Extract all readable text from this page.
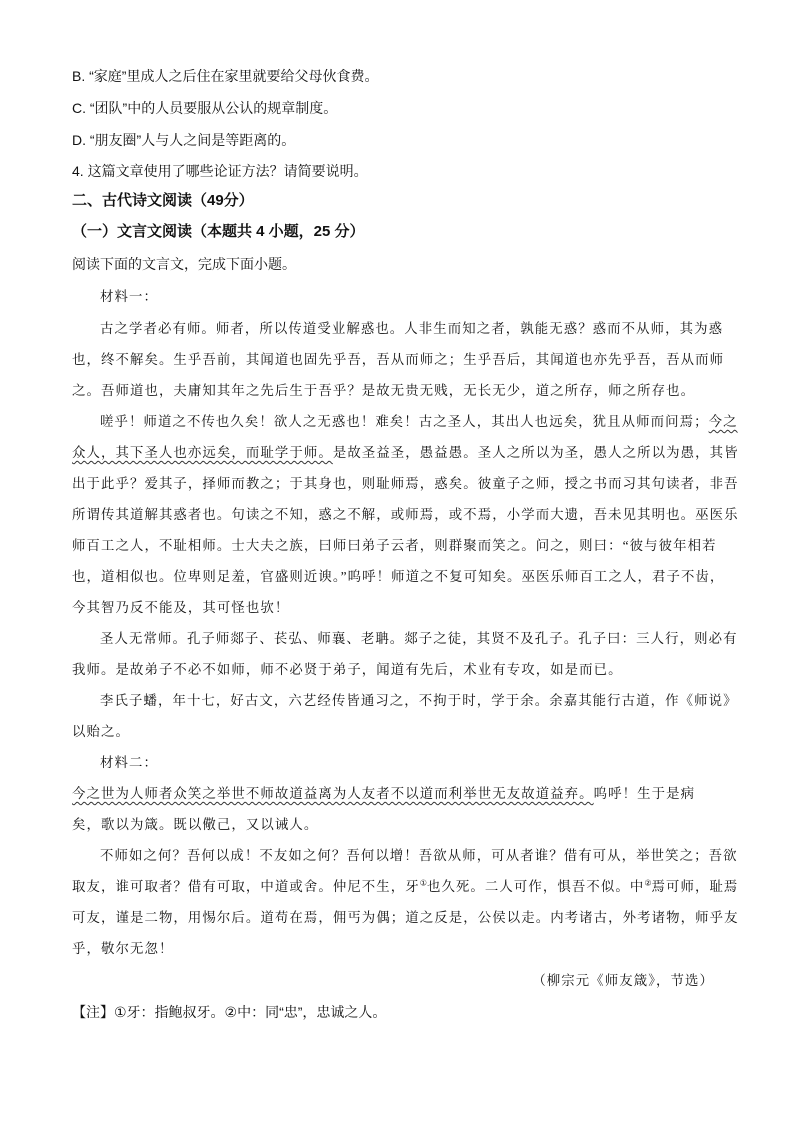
B. “家庭”里成人之后住在家里就要给父母伙食费。
C. “团队”中的人员要服从公认的规章制度。
D. “朋友圈”人与人之间是等距离的。
4. 这篇文章使用了哪些论证方法？请简要说明。
二、古代诗文阅读（49分）
（一）文言文阅读（本题共 4 小题，25 分）
阅读下面的文言文，完成下面小题。
材料一：
古之学者必有师。师者，所以传道受业解惑也。人非生而知之者，孰能无惑？惑而不从师，其为惑
也，终不解矣。生乎吾前，其闻道也固先乎吾，吾从而师之；生乎吾后，其闻道也亦先乎吾，吾从而师
之。吾师道也，夫庸知其年之先后生于吾乎？是故无贵无贱，无长无少，道之所存，师之所存也。
嗟乎！师道之不传也久矣！欲人之无惑也！难矣！古之圣人，其出人也远矣，犹且从师而问焉；今之
众人，其下圣人也亦远矣，而耻学于师。是故圣益圣，愚益愚。圣人之所以为圣，愚人之所以为愚，其皆
出于此乎？爱其子，择师而教之；于其身也，则耻师焉，惑矣。彼童子之师，授之书而习其句读者，非吾
所谓传其道解其惑者也。句读之不知，惑之不解，或师焉，或不焉，小学而大遗，吾未见其明也。巫医乐
师百工之人，不耻相师。士大夫之族，曰师曰弟子云者，则群聚而笑之。问之，则曰：“彼与彼年相若
也，道相似也。位卑则足羞，官盛则近谀。”呜呼！师道之不复可知矣。巫医乐师百工之人，君子不齿，
今其智乃反不能及，其可怪也欤！
圣人无常师。孔子师郯子、苌弘、师襄、老聃。郯子之徒，其贤不及孔子。孔子曰：三人行，则必有
我师。是故弟子不必不如师，师不必贤于弟子，闻道有先后，术业有专攻，如是而已。
李氏子蟠，年十七，好古文，六艺经传皆通习之，不拘于时，学于余。余嘉其能行古道，作《师说》
以贻之。
材料二：
今之世为人师者众笑之举世不师故道益离为人友者不以道而利举世无友故道益弃。呜呼！生于是病
矣，歌以为箴。既以儆己，又以诫人。
不师如之何？吾何以成！不友如之何？吾何以增！吾欲从师，可从者谁？借有可从，举世笑之；吾欲
取友，谁可取者？借有可取，中道或舍。仲尼不生，牙①也久死。二人可作，惧吾不似。中②焉可师，耻焉
可友，谨是二物，用惕尔后。道苟在焉，佣丐为偶；道之反是，公侯以走。内考诸古，外考诸物，师乎友
乎，敬尔无忽！
（柳宗元《师友箴》，节选）
【注】①牙：指鲍叔牙。②中：同“忠”，忠诚之人。
